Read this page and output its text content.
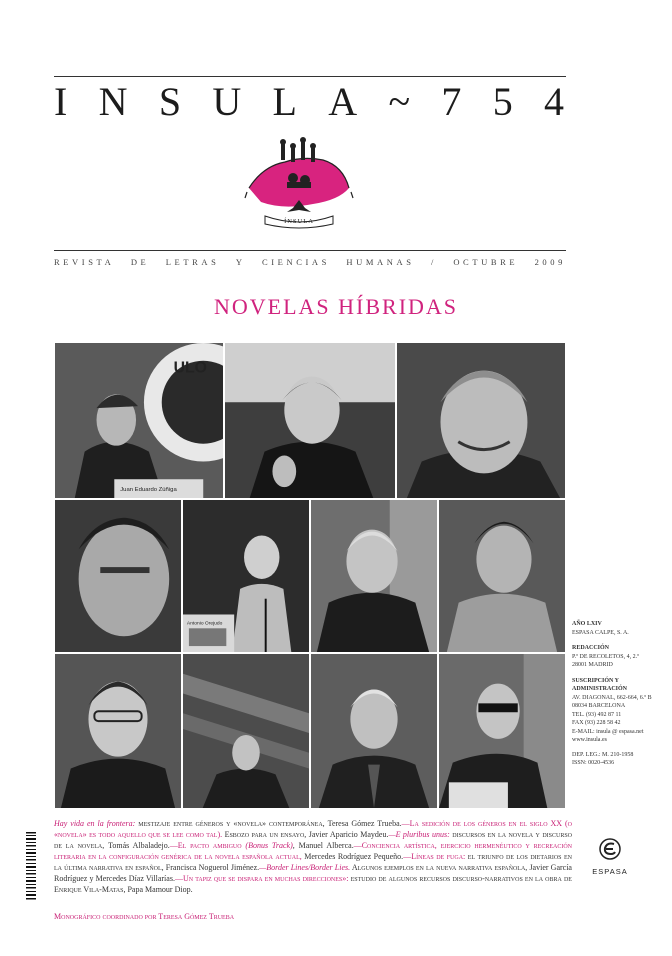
I N S U L A ~ 7 5 4
ÍNSULA
REVISTA DE LETRAS Y CIENCIAS HUMANAS / OCTUBRE 2009
NOVELAS HÍBRIDAS
ULO
Juan Eduardo Zúñiga
Antonio Orejudo	AÑO LXIV
ESPASA CALPE, S. A.
REDACCIÓN
P.º DE RECOLETOS, 4, 2.º
28001 MADRID
SUSCRIPCIÓN Y ADMINISTRACIÓN
AV. DIAGONAL, 662-664, 6.º B
08034 BARCELONA
TEL. (93) 492 87 11
FAX (93) 228 58 42
E-MAIL: insula @ espasa.net
www.insula.es
DEP. LEG.: M. 210-1958
ISSN: 0020-4536
ESPASA
Hay vida en la frontera: mestizaje entre géneros y «novela» contemporánea, Teresa Gómez Trueba.—La sedición de los géneros en el siglo XX (o «novela» es todo aquello que se lee como tal). Esbozo para un ensayo, Javier Aparicio Maydeu.—E pluribus unus: discursos en la novela y discurso de la novela, Tomás Albaladejo.—El pacto ambiguo (Bonus Track), Manuel Alberca.—Conciencia artística, ejercicio hermenéutico y recreación literaria en la configuración genérica de la novela española actual, Mercedes Rodríguez Pequeño.—Líneas de fuga: el triunfo de los dietarios en la última narrativa en español, Francisca Noguerol Jiménez.—Border Lines/Border Lies. Algunos ejemplos en la nueva narrativa española, Javier García Rodríguez y Mercedes Díaz Villarías.—Un tapiz que se dispara en muchas direcciones»: estudio de algunos recursos discurso-narrativos en la obra de Enrique Vila-Matas, Papa Mamour Diop.
Monográfico coordinado por Teresa Gómez Trueba
